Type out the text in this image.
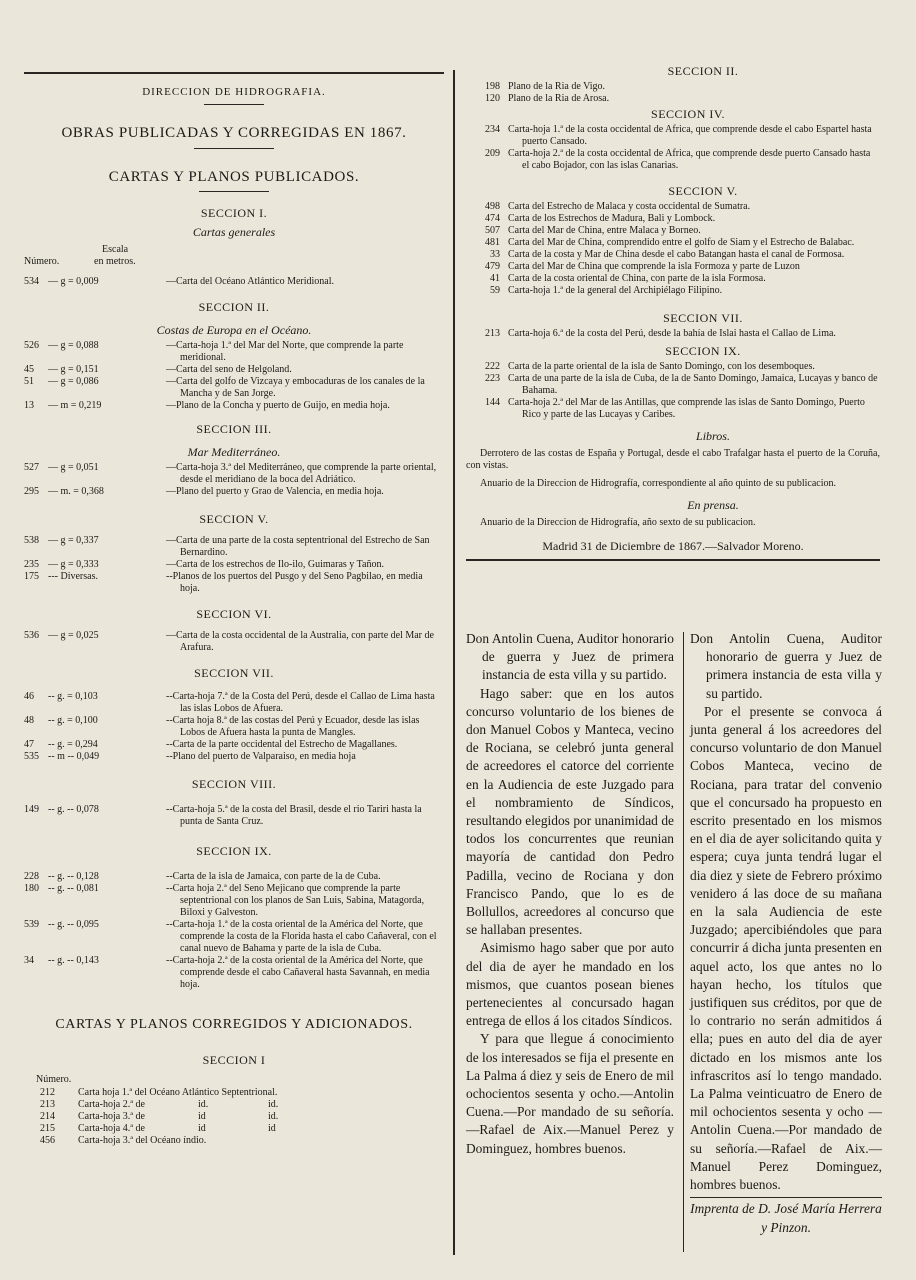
DIRECCION DE HIDROGRAFIA.
OBRAS PUBLICADAS Y CORREGIDAS EN 1867.
CARTAS Y PLANOS PUBLICADOS.
SECCION I.
Cartas generales
Escala
Número.	en metros.
534 — g = 0,009	—Carta del Océano Atlántico Meridional.
SECCION II.
Costas de Europa en el Océano.
526 — g = 0,088	—Carta-hoja 1.ª del Mar del Norte, que comprende la parte meridional.
45	— g = 0,151	—Carta del seno de Helgoland.
51	— g = 0,086	—Carta del golfo de Vizcaya y embocaduras de los canales de la Mancha y de San Jorge.
13	— m = 0,219	—Plano de la Concha y puerto de Guijo, en media hoja.
SECCION III.
Mar Mediterráneo.
527 — g = 0,051	—Carta-hoja 3.ª del Mediterráneo, que comprende la parte oriental, desde el meridiano de la boca del Adriático.
295 — m. = 0,368	—Plano del puerto y Grao de Valencia, en media hoja.
SECCION V.
538 — g = 0,337	—Carta de una parte de la costa septentrional del Estrecho de San Bernardino.
235 — g = 0,333	—Carta de los estrechos de Ilo-ilo, Guimaras y Tañon.
175 --- Diversas.	--Planos de los puertos del Pusgo y del Seno Pagbilao, en media hoja.
SECCION VI.
536 — g = 0,025	—Carta de la costa occidental de la Australia, con parte del Mar de Arafura.
SECCION VII.
46	-- g. = 0,103	--Carta-hoja 7.ª de la Costa del Perú, desde el Callao de Lima hasta las islas Lobos de Afuera.
48	-- g. = 0,100	--Carta hoja 8.ª de las costas del Perú y Ecuador, desde las islas Lobos de Afuera hasta la punta de Mangles.
47	-- g. = 0,294	--Carta de la parte occidental del Estrecho de Magallanes.
535 -- m -- 0,049	--Plano del puerto de Valparaiso, en media hoja
SECCION VIII.
149 -- g. -- 0,078	--Carta-hoja 5.ª de la costa del Brasil, desde el rio Tariri hasta la punta de Santa Cruz.
SECCION IX.
228 -- g. -- 0,128	--Carta de la isla de Jamaica, con parte de la de Cuba.
180 -- g. -- 0,081	--Carta hoja 2.ª del Seno Mejicano que comprende la parte septentrional con los planos de San Luis, Sabina, Matagorda, Biloxi y Galveston.
539 -- g. -- 0,095	--Carta-hoja 1.ª de la costa oriental de la América del Norte, que comprende la costa de la Florida hasta el cabo Cañaveral, con el canal nuevo de Bahama y parte de la isla de Cuba.
34	-- g. -- 0,143	--Carta-hoja 2.ª de la costa oriental de la América del Norte, que comprende desde el cabo Cañaveral hasta Savannah, en media hoja.
CARTAS Y PLANOS CORREGIDOS Y ADICIONADOS.
SECCION I
Número.
212	Carta hoja 1.ª del Océano Atlántico Septentrional.
213	Carta-hoja 2.ª de	id.	id.
214	Carta-hoja 3.ª de	id	id.
215	Carta-hoja 4.ª de	id	id
456	Carta-hoja 3.ª del Océano índio.
SECCION II.
198 Plano de la Ria de Vigo.
120 Plano de la Ria de Arosa.
SECCION IV.
234 Carta-hoja 1.ª de la costa occidental de Africa, que comprende desde el cabo Espartel hasta puerto Cansado.
209 Carta-hoja 2.ª de la costa occidental de Africa, que comprende desde puerto Cansado hasta el cabo Bojador, con las islas Canarias.
SECCION V.
498 Carta del Estrecho de Malaca y costa occidental de Sumatra.
474 Carta de los Estrechos de Madura, Bali y Lombock.
507 Carta del Mar de China, entre Malaca y Borneo.
481 Carta del Mar de China, comprendido entre el golfo de Siam y el Estrecho de Balabac.
33 Carta de la costa y Mar de China desde el cabo Batangan hasta el canal de Formosa.
479 Carta del Mar de China que comprende la isla Formoza y parte de Luzon
41 Carta de la costa oriental de China, con parte de la isla Formosa.
59 Carta-hoja 1.ª de la general del Archipiélago Filipino.
SECCION VII.
213 Carta-hoja 6.ª de la costa del Perú, desde la bahía de Islai hasta el Callao de Lima.
SECCION IX.
222 Carta de la parte oriental de la isla de Santo Domingo, con los desemboques.
223 Carta de una parte de la isla de Cuba, de la de Santo Domingo, Jamaica, Lucayas y banco de Bahama.
144 Carta-hoja 2.ª del Mar de las Antillas, que comprende las islas de Santo Domingo, Puerto Rico y parte de las Lucayas y Caribes.
Libros.
Derrotero de las costas de España y Portugal, desde el cabo Trafalgar hasta el puerto de la Coruña, con vistas.
Anuario de la Direccion de Hidrografía, correspondiente al año quinto de su publicacion.
En prensa.
Anuario de la Direccion de Hidrografía, año sexto de su publicacion.
Madrid 31 de Diciembre de 1867.—Salvador Moreno.

Don Antolin Cuena, Auditor honorario de guerra y Juez de primera instancia de esta villa y su partido.

Hago saber: que en los autos concurso voluntario de los bienes de don Manuel Cobos y Manteca, vecino de Rociana, se celebró junta general de acreedores el catorce del corriente en la Audiencia de este Juzgado para el nombramiento de Síndicos, resultando elegidos por unanimidad de todos los concurrentes que reunian mayoría de cantidad don Pedro Padilla, vecino de Rociana y don Francisco Pando, que lo es de Bollullos, acreedores al concurso que se hallaban presentes.

Asimismo hago saber que por auto del dia de ayer he mandado en los mismos, que cuantos posean bienes pertenecientes al concursado hagan entrega de ellos á los citados Síndicos.

Y para que llegue á conocimiento de los interesados se fija el presente en La Palma á diez y seis de Enero de mil ochocientos sesenta y ocho.—Antolin Cuena.—Por mandado de su señoría.—Rafael de Aix.—Manuel Perez y Dominguez, hombres buenos.

Don Antolin Cuena, Auditor honorario de guerra y Juez de primera instancia de esta villa y su partido.

Por el presente se convoca á junta general á los acreedores del concurso voluntario de don Manuel Cobos Manteca, vecino de Rociana, para tratar del convenio que el concursado ha propuesto en escrito presentado en los mismos en el dia de ayer solicitando quita y espera; cuya junta tendrá lugar el dia diez y siete de Febrero próximo venidero á las doce de su mañana en la sala Audiencia de este Juzgado; apercibiéndoles que para concurrir á dicha junta presenten en aquel acto, los que antes no lo hayan hecho, los títulos que justifiquen sus créditos, por que de lo contrario no serán admitidos á ella; pues en auto del dia de ayer dictado en los mismos ante los infrascritos así lo tengo mandado. La Palma veinticuatro de Enero de mil ochocientos sesenta y ocho —Antolin Cuena.—Por mandado de su señoría.—Rafael de Aix.—Manuel Perez Dominguez, hombres buenos.

Imprenta de D. José María Herrera y Pinzon.
